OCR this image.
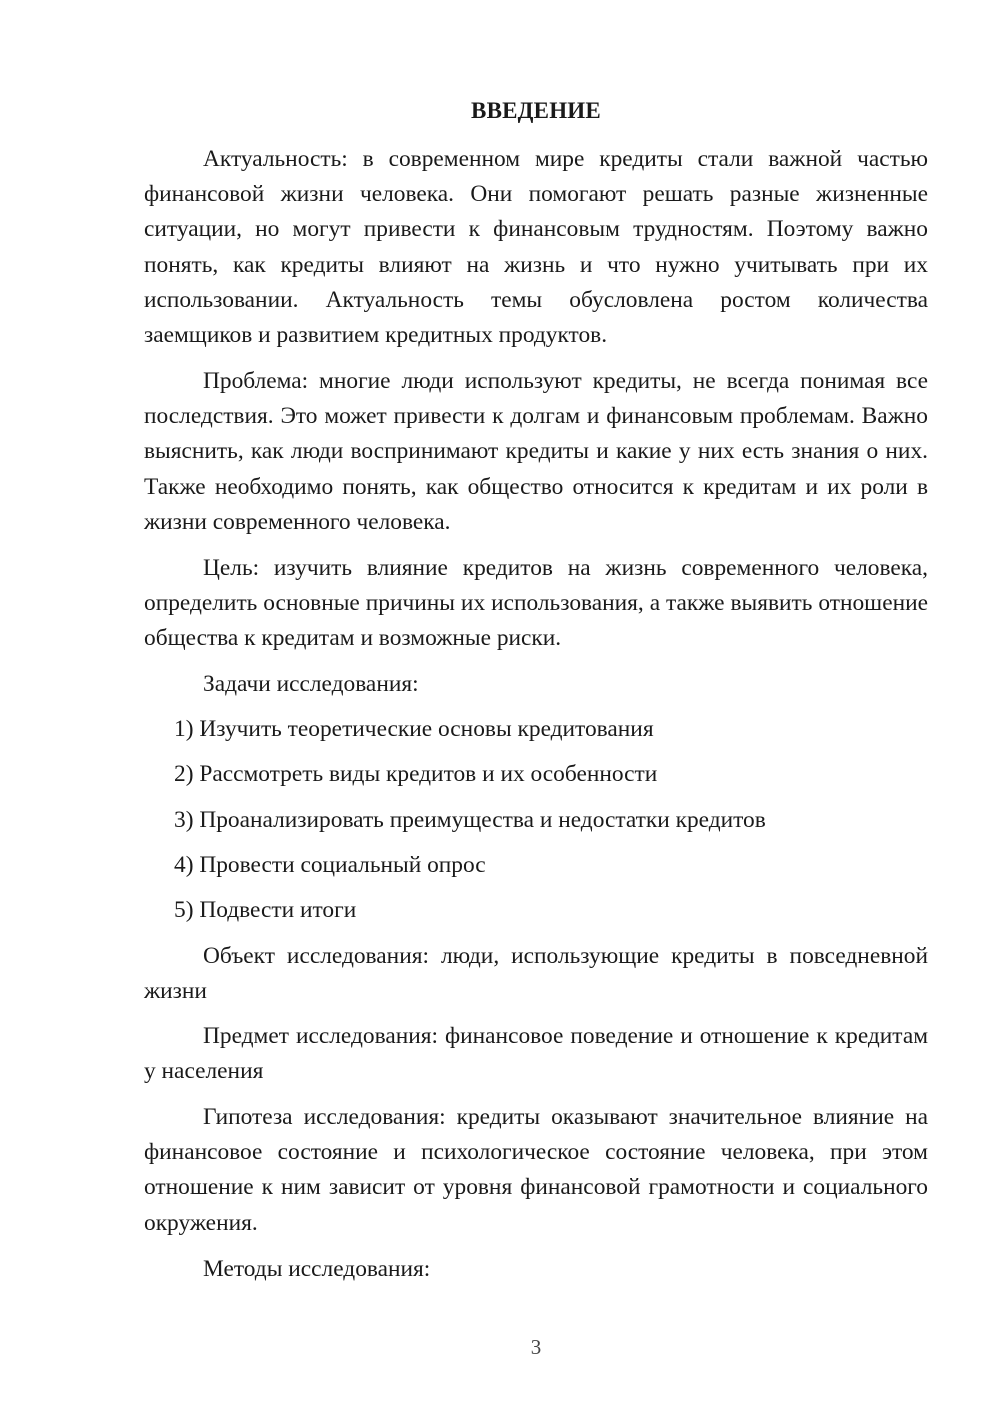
ВВЕДЕНИЕ

Актуальность: в современном мире кредиты стали важной частью финансовой жизни человека. Они помогают решать разные жизненные ситуации, но могут привести к финансовым трудностям. Поэтому важно понять, как кредиты влияют на жизнь и что нужно учитывать при их использовании. Актуальность темы обусловлена ростом количества заемщиков и развитием кредитных продуктов.

Проблема: многие люди используют кредиты, не всегда понимая все последствия. Это может привести к долгам и финансовым проблемам. Важно выяснить, как люди воспринимают кредиты и какие у них есть знания о них. Также необходимо понять, как общество относится к кредитам и их роли в жизни современного человека.

Цель: изучить влияние кредитов на жизнь современного человека, определить основные причины их использования, а также выявить отношение общества к кредитам и возможные риски.

Задачи исследования:

1) Изучить теоретические основы кредитования

2) Рассмотреть виды кредитов и их особенности

3) Проанализировать преимущества и недостатки кредитов

4) Провести социальный опрос

5) Подвести итоги

Объект исследования: люди, использующие кредиты в повседневной жизни

Предмет исследования: финансовое поведение и отношение к кредитам у населения

Гипотеза исследования: кредиты оказывают значительное влияние на финансовое состояние и психологическое состояние человека, при этом отношение к ним зависит от уровня финансовой грамотности и социального окружения.

Методы исследования:

3
